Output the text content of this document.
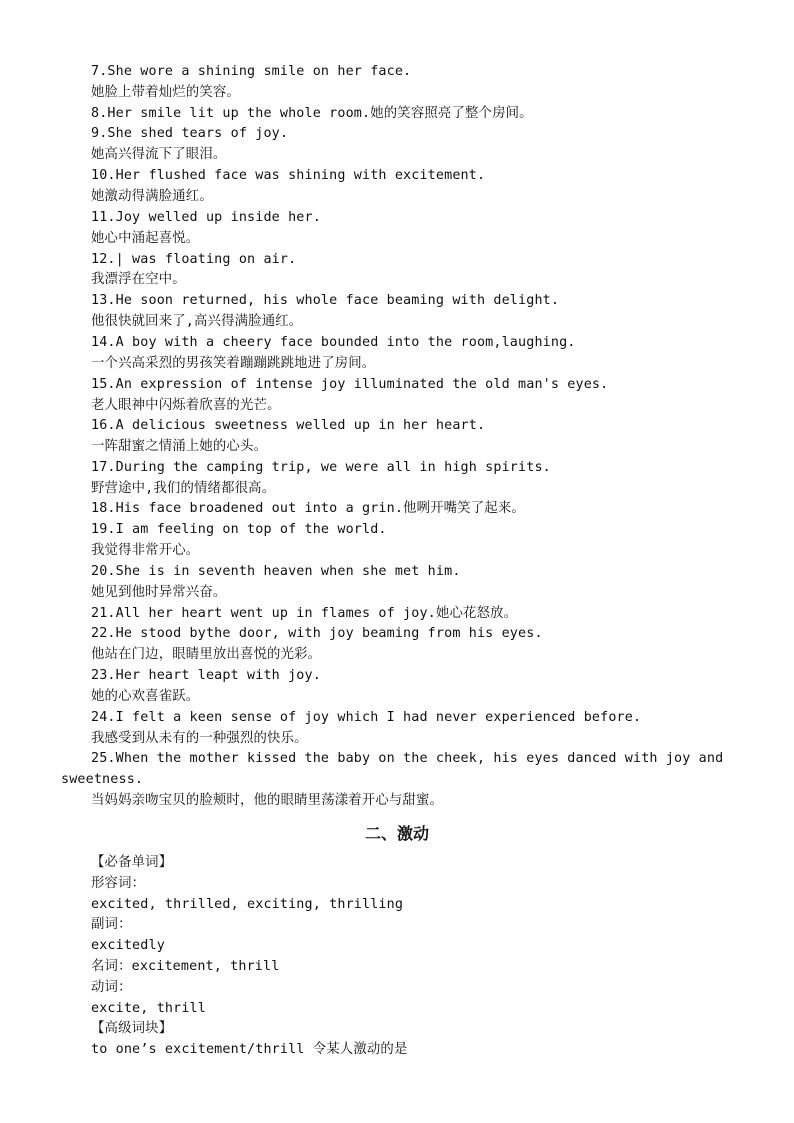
7.She wore a shining smile on her face.
她脸上带着灿烂的笑容。
8.Her smile lit up the whole room.她的笑容照亮了整个房间。
9.She shed tears of joy.
她高兴得流下了眼泪。
10.Her flushed face was shining with excitement.
她激动得满脸通红。
11.Joy welled up inside her.
她心中涌起喜悦。
12.| was floating on air.
我漂浮在空中。
13.He soon returned, his whole face beaming with delight.
他很快就回来了,高兴得满脸通红。
14.A boy with a cheery face bounded into the room,laughing.
一个兴高采烈的男孩笑着蹦蹦跳跳地进了房间。
15.An expression of intense joy illuminated the old man's eyes.
老人眼神中闪烁着欣喜的光芒。
16.A delicious sweetness welled up in her heart.
一阵甜蜜之情涌上她的心头。
17.During the camping trip, we were all in high spirits.
野营途中,我们的情绪都很高。
18.His face broadened out into a grin.他咧开嘴笑了起来。
19.I am feeling on top of the world.
我觉得非常开心。
20.She is in seventh heaven when she met him.
她见到他时异常兴奋。
21.All her heart went up in flames of joy.她心花怒放。
22.He stood bythe door, with joy beaming from his eyes.
他站在门边，眼睛里放出喜悦的光彩。
23.Her heart leapt with joy.
她的心欢喜雀跃。
24.I felt a keen sense of joy which I had never experienced before.
我感受到从未有的一种强烈的快乐。
25.When the mother kissed the baby on the cheek, his eyes danced with joy and
sweetness.
当妈妈亲吻宝贝的脸颊时，他的眼睛里荡漾着开心与甜蜜。
二、激动
【必备单词】
形容词：
excited, thrilled, exciting, thrilling
副词：
excitedly
名词：excitement, thrill
动词：
excite, thrill
【高级词块】
to one’s excitement/thrill 令某人激动的是
